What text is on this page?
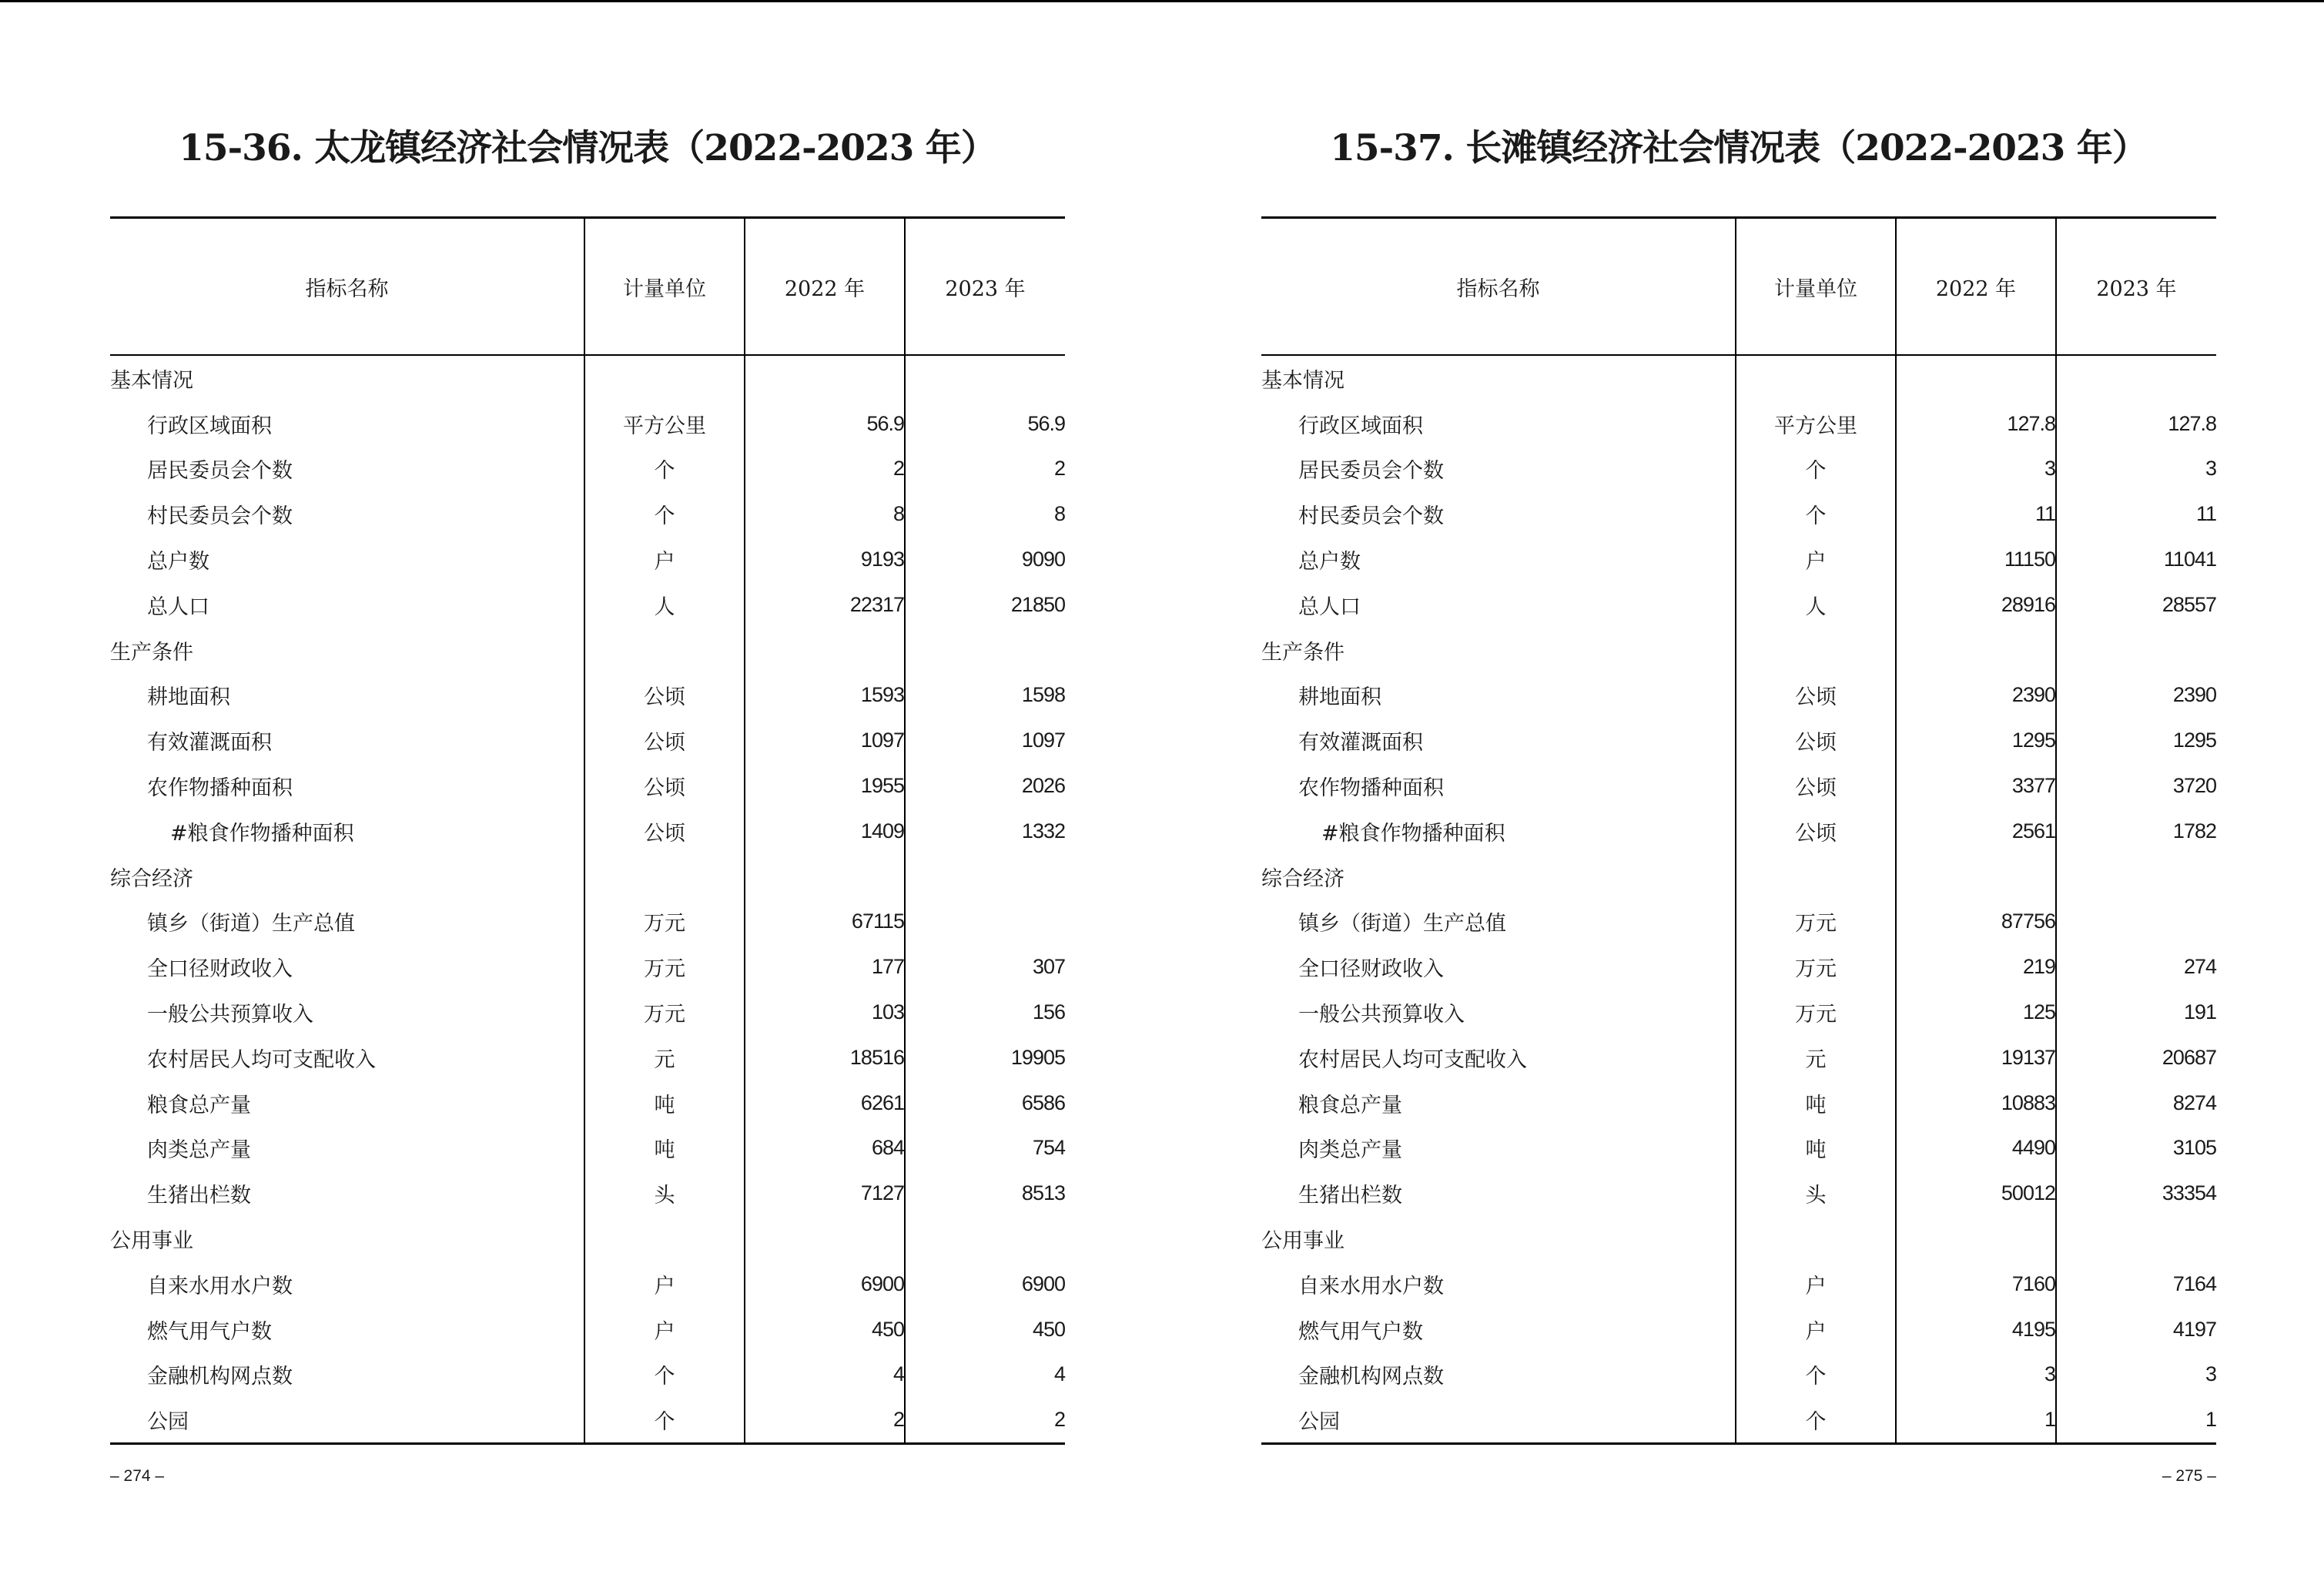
15-36. 太龙镇经济社会情况表（2022-2023 年）
指标名称	计量单位	2022 年	2023 年
基本情况			
行政区域面积	平方公里	56.9	56.9
居民委员会个数	个	2	2
村民委员会个数	个	8	8
总户数	户	9193	9090
总人口	人	22317	21850
生产条件			
耕地面积	公顷	1593	1598
有效灌溉面积	公顷	1097	1097
农作物播种面积	公顷	1955	2026
#粮食作物播种面积	公顷	1409	1332
综合经济			
镇乡（街道）生产总值	万元	67115	
全口径财政收入	万元	177	307
一般公共预算收入	万元	103	156
农村居民人均可支配收入	元	18516	19905
粮食总产量	吨	6261	6586
肉类总产量	吨	684	754
生猪出栏数	头	7127	8513
公用事业			
自来水用水户数	户	6900	6900
燃气用气户数	户	450	450
金融机构网点数	个	4	4
公园	个	2	2
– 274 –
15-37. 长滩镇经济社会情况表（2022-2023 年）
指标名称	计量单位	2022 年	2023 年
基本情况			
行政区域面积	平方公里	127.8	127.8
居民委员会个数	个	3	3
村民委员会个数	个	11	11
总户数	户	11150	11041
总人口	人	28916	28557
生产条件			
耕地面积	公顷	2390	2390
有效灌溉面积	公顷	1295	1295
农作物播种面积	公顷	3377	3720
#粮食作物播种面积	公顷	2561	1782
综合经济			
镇乡（街道）生产总值	万元	87756	
全口径财政收入	万元	219	274
一般公共预算收入	万元	125	191
农村居民人均可支配收入	元	19137	20687
粮食总产量	吨	10883	8274
肉类总产量	吨	4490	3105
生猪出栏数	头	50012	33354
公用事业			
自来水用水户数	户	7160	7164
燃气用气户数	户	4195	4197
金融机构网点数	个	3	3
公园	个	1	1
– 275 –
